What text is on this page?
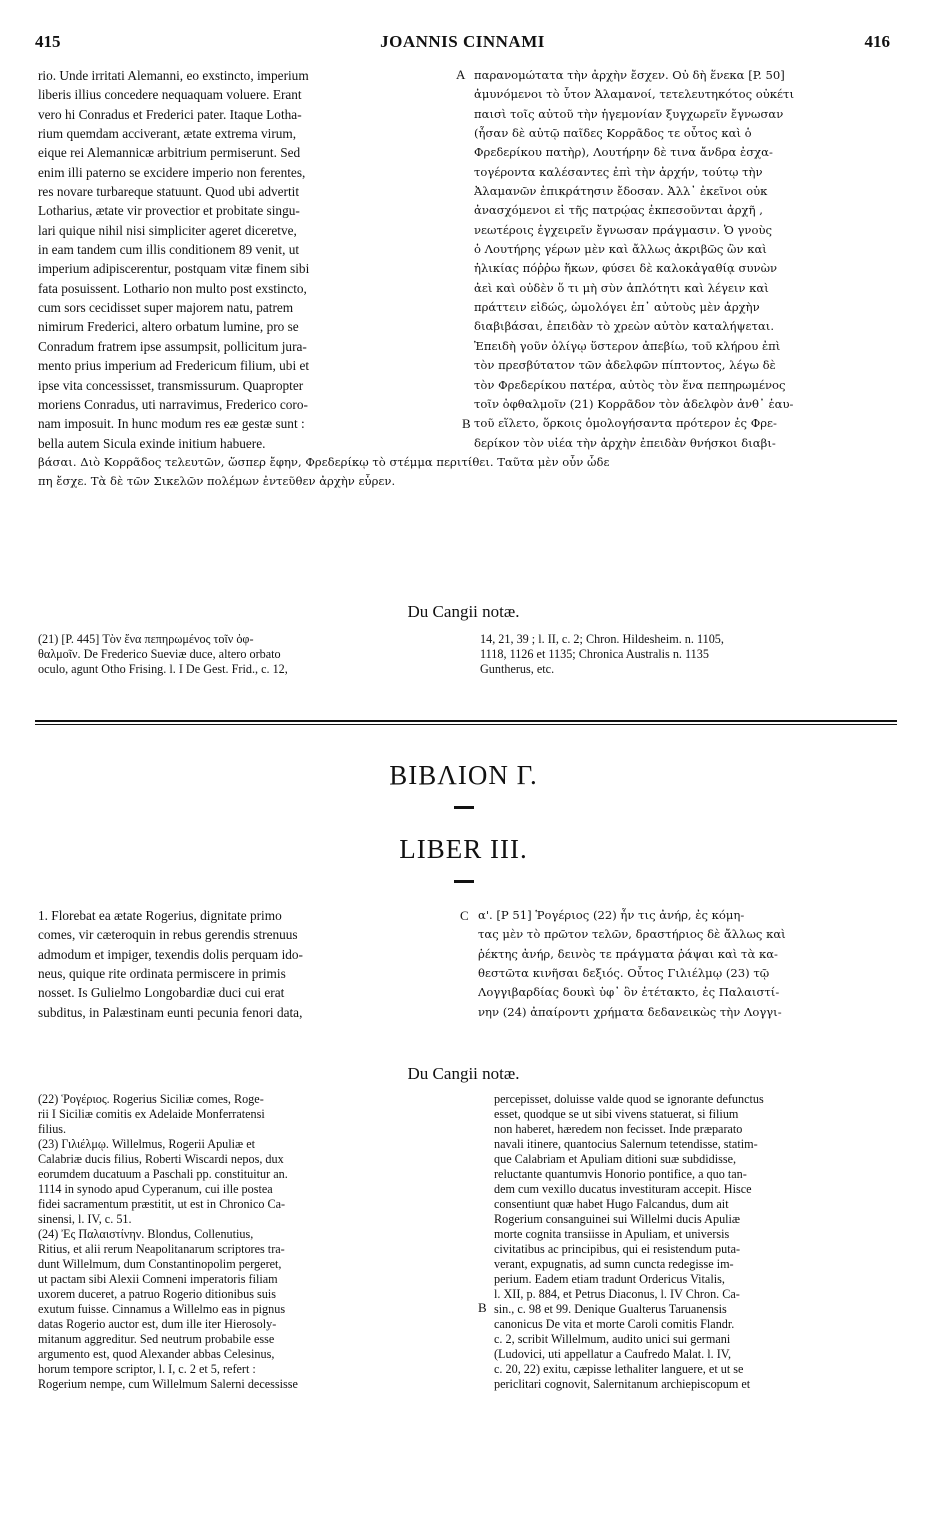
415	JOANNIS CINNAMI	416
rio. Unde irritati Alemanni, eo exstincto, imperium
liberis illius concedere nequaquam voluere. Erant
vero hi Conradus et Frederici pater. Itaque Lotha-
rium quemdam acciverant, ætate extrema virum,
eique rei Alemannicæ arbitrium permiserunt. Sed
enim illi paterno se excidere imperio non ferentes,
res novare turbareque statuunt. Quod ubi advertit
Lotharius, ætate vir provectior et probitate singu-
lari quique nihil nisi simpliciter ageret diceretve,
in eam tandem cum illis conditionem 89 venit, ut
imperium adipiscerentur, postquam vitæ finem sibi
fata posuissent. Lothario non multo post exstincto,
cum sors cecidisset super majorem natu, patrem
nimirum Frederici, altero orbatum lumine, pro se
Conradum fratrem ipse assumpsit, pollicitum jura-
mento prius imperium ad Fredericum filium, ubi et
ipse vita concessisset, transmissurum. Quapropter
moriens Conradus, uti narravimus, Frederico coro-
nam imposuit. In hunc modum res eæ gestæ sunt :
bella autem Sicula exinde initium habuere.
παρανομώτατα τὴν ἀρχὴν ἔσχεν. Οὐ δὴ ἕνεκα [P. 50]
ἀμυνόμενοι τὸ ὗτον Ἀλαμανοί, τετελευτηκότος οὐκέτι
παισὶ τοῖς αὐτοῦ τὴν ἡγεμονίαν ξυγχωρεῖν ἔγνωσαν
(ἦσαν δὲ αὐτῷ παῖδες Κορρᾶδος τε οὗτος καὶ ὁ
Φρεδερίκου πατὴρ), Λουτήρην δὲ τινα ἄνδρα ἐσχα-
τογέροντα καλέσαντες ἐπὶ τὴν ἀρχήν, τούτῳ τὴν
Ἀλαμανῶν ἐπικράτησιν ἔδοσαν. Ἀλλ᾽ ἐκεῖνοι οὐκ
ἀνασχόμενοι εἰ τῆς πατρῴας ἐκπεσοῦνται ἀρχῆ ,
νεωτέροις ἐγχειρεῖν ἔγνωσαν πράγμασιν. Ὁ γνοὺς
ὁ Λουτήρης γέρων μὲν καὶ ἄλλως ἀκριβῶς ὢν καὶ
ἡλικίας πόῤῥω ἥκων, φύσει δὲ καλοκἀγαθίᾳ συνὼν
ἀεὶ καὶ οὐδὲν ὅ τι μὴ σὺν ἁπλότητι καὶ λέγειν καὶ
πράττειν εἰδώς, ὡμολόγει ἐπ᾽ αὐτοὺς μὲν ἀρχὴν
διαβιβάσαι, ἐπειδὰν τὸ χρεὼν αὐτὸν καταλήψεται.
Ἐπειδὴ γοῦν ὀλίγῳ ὕστερον ἀπεβίω, τοῦ κλήρου ἐπὶ
τὸν πρεσβύτατον τῶν ἀδελφῶν πίπτοντος, λέγω δὲ
τὸν Φρεδερίκου πατέρα, αὐτὸς τὸν ἕνα πεπηρωμένος
τοῖν ὀφθαλμοῖν (21) Κορρᾶδον τὸν ἀδελφὸν ἀνθ᾽ ἑαυ-
τοῦ εἵλετο, ὅρκοις ὁμολογήσαντα πρότερον ἐς Φρε-
δερίκον τὸν υἱέα τὴν ἀρχὴν ἐπειδὰν θνήσκοι διαβι-
A
B
βάσαι. Διὸ Κορρᾶδος τελευτῶν, ὥσπερ ἔφην, Φρεδερίκῳ τὸ στέμμα περιτίθει. Ταῦτα μὲν οὖν ὧδε
πη ἔσχε. Τὰ δὲ τῶν Σικελῶν πολέμων ἐντεῦθεν ἀρχὴν εὗρεν.
Du Cangii notæ.
(21) [P. 445] Τὸν ἕνα πεπηρωμένος τοῖν ὀφ-
θαλμοῖν. De Frederico Sueviæ duce, altero orbato
oculo, agunt Otho Frising. l. I De Gest. Frid., c. 12,
14, 21, 39 ; l. II, c. 2; Chron. Hildesheim. n. 1105,
1118, 1126 et 1135; Chronica Australis n. 1135
Guntherus, etc.
ΒΙΒΛΙΟΝ Γ.
LIBER III.
1. Florebat ea ætate Rogerius, dignitate primo
comes, vir cæteroquin in rebus gerendis strenuus
admodum et impiger, texendis dolis perquam ido-
neus, quique rite ordinata permiscere in primis
nosset. Is Gulielmo Longobardiæ duci cui erat
subditus, in Palæstinam eunti pecunia fenori data,
C α'. [P 51] Ῥογέριος (22) ἦν τις ἀνήρ, ἐς κόμη-
τας μὲν τὸ πρῶτον τελῶν, δραστήριος δὲ ἄλλως καὶ
ῥέκτης ἀνήρ, δεινὸς τε πράγματα ῥάψαι καὶ τὰ κα-
θεστῶτα κινῆσαι δεξιός. Οὗτος Γιλιέλμῳ (23) τῷ
Λογγιβαρδίας δουκὶ ὑφ᾽ ὃν ἐτέτακτο, ἐς Παλαιστί-
νην (24) ἀπαίροντι χρήματα δεδανεικὼς τὴν Λογγι-
Du Cangii notæ.
(22) Ῥογέριος. Rogerius Siciliæ comes, Roge-
rii I Siciliæ comitis ex Adelaide Monferratensi
filius.
(23) Γιλιέλμῳ. Willelmus, Rogerii Apuliæ et
Calabriæ ducis filius, Roberti Wiscardi nepos, dux
eorumdem ducatuum a Paschali pp. constituitur an.
1114 in synodo apud Cyperanum, cui ille postea
fidei sacramentum præstitit, ut est in Chronico Ca-
sinensi, l. IV, c. 51.
(24) Ἐς Παλαιστίνην. Blondus, Collenutius,
Ritius, et alii rerum Neapolitanarum scriptores tra-
dunt Willelmum, dum Constantinopolim pergeret,
ut pactam sibi Alexii Comneni imperatoris filiam
uxorem duceret, a patruo Rogerio ditionibus suis
exutum fuisse. Cinnamus a Willelmo eas in pignus
datas Rogerio auctor est, dum ille iter Hierosoly-
mitanum aggreditur. Sed neutrum probabile esse
argumento est, quod Alexander abbas Celesinus,
horum tempore scriptor, l. I, c. 2 et 5, refert :
Rogerium nempe, cum Willelmum Salerni decessisse
B
percepisset, doluisse valde quod se ignorante defunctus
esset, quodque se ut sibi vivens statuerat, si filium
non haberet, hæredem non fecisset. Inde præparato
navali itinere, quantocius Salernum tetendisse, statim-
que Calabriam et Apuliam ditioni suæ subdidisse,
reluctante quantumvis Honorio pontifice, a quo tan-
dem cum vexillo ducatus investituram accepit. Hisce
consentiunt quæ habet Hugo Falcandus, dum ait
Rogerium consanguinei sui Willelmi ducis Apuliæ
morte cognita transiisse in Apuliam, et universis
civitatibus ac principibus, qui ei resistendum puta-
verant, expugnatis, ad sumn cuncta redegisse im-
perium. Eadem etiam tradunt Ordericus Vitalis,
l. XII, p. 884, et Petrus Diaconus, l. IV Chron. Ca-
sin., c. 98 et 99. Denique Gualterus Taruanensis
canonicus De vita et morte Caroli comitis Flandr.
c. 2, scribit Willelmum, audito unici sui germani
(Ludovici, uti appellatur a Caufredo Malat. l. IV,
c. 20, 22) exitu, cæpisse lethaliter languere, et ut se
periclitari cognovit, Salernitanum archiepiscopum et
